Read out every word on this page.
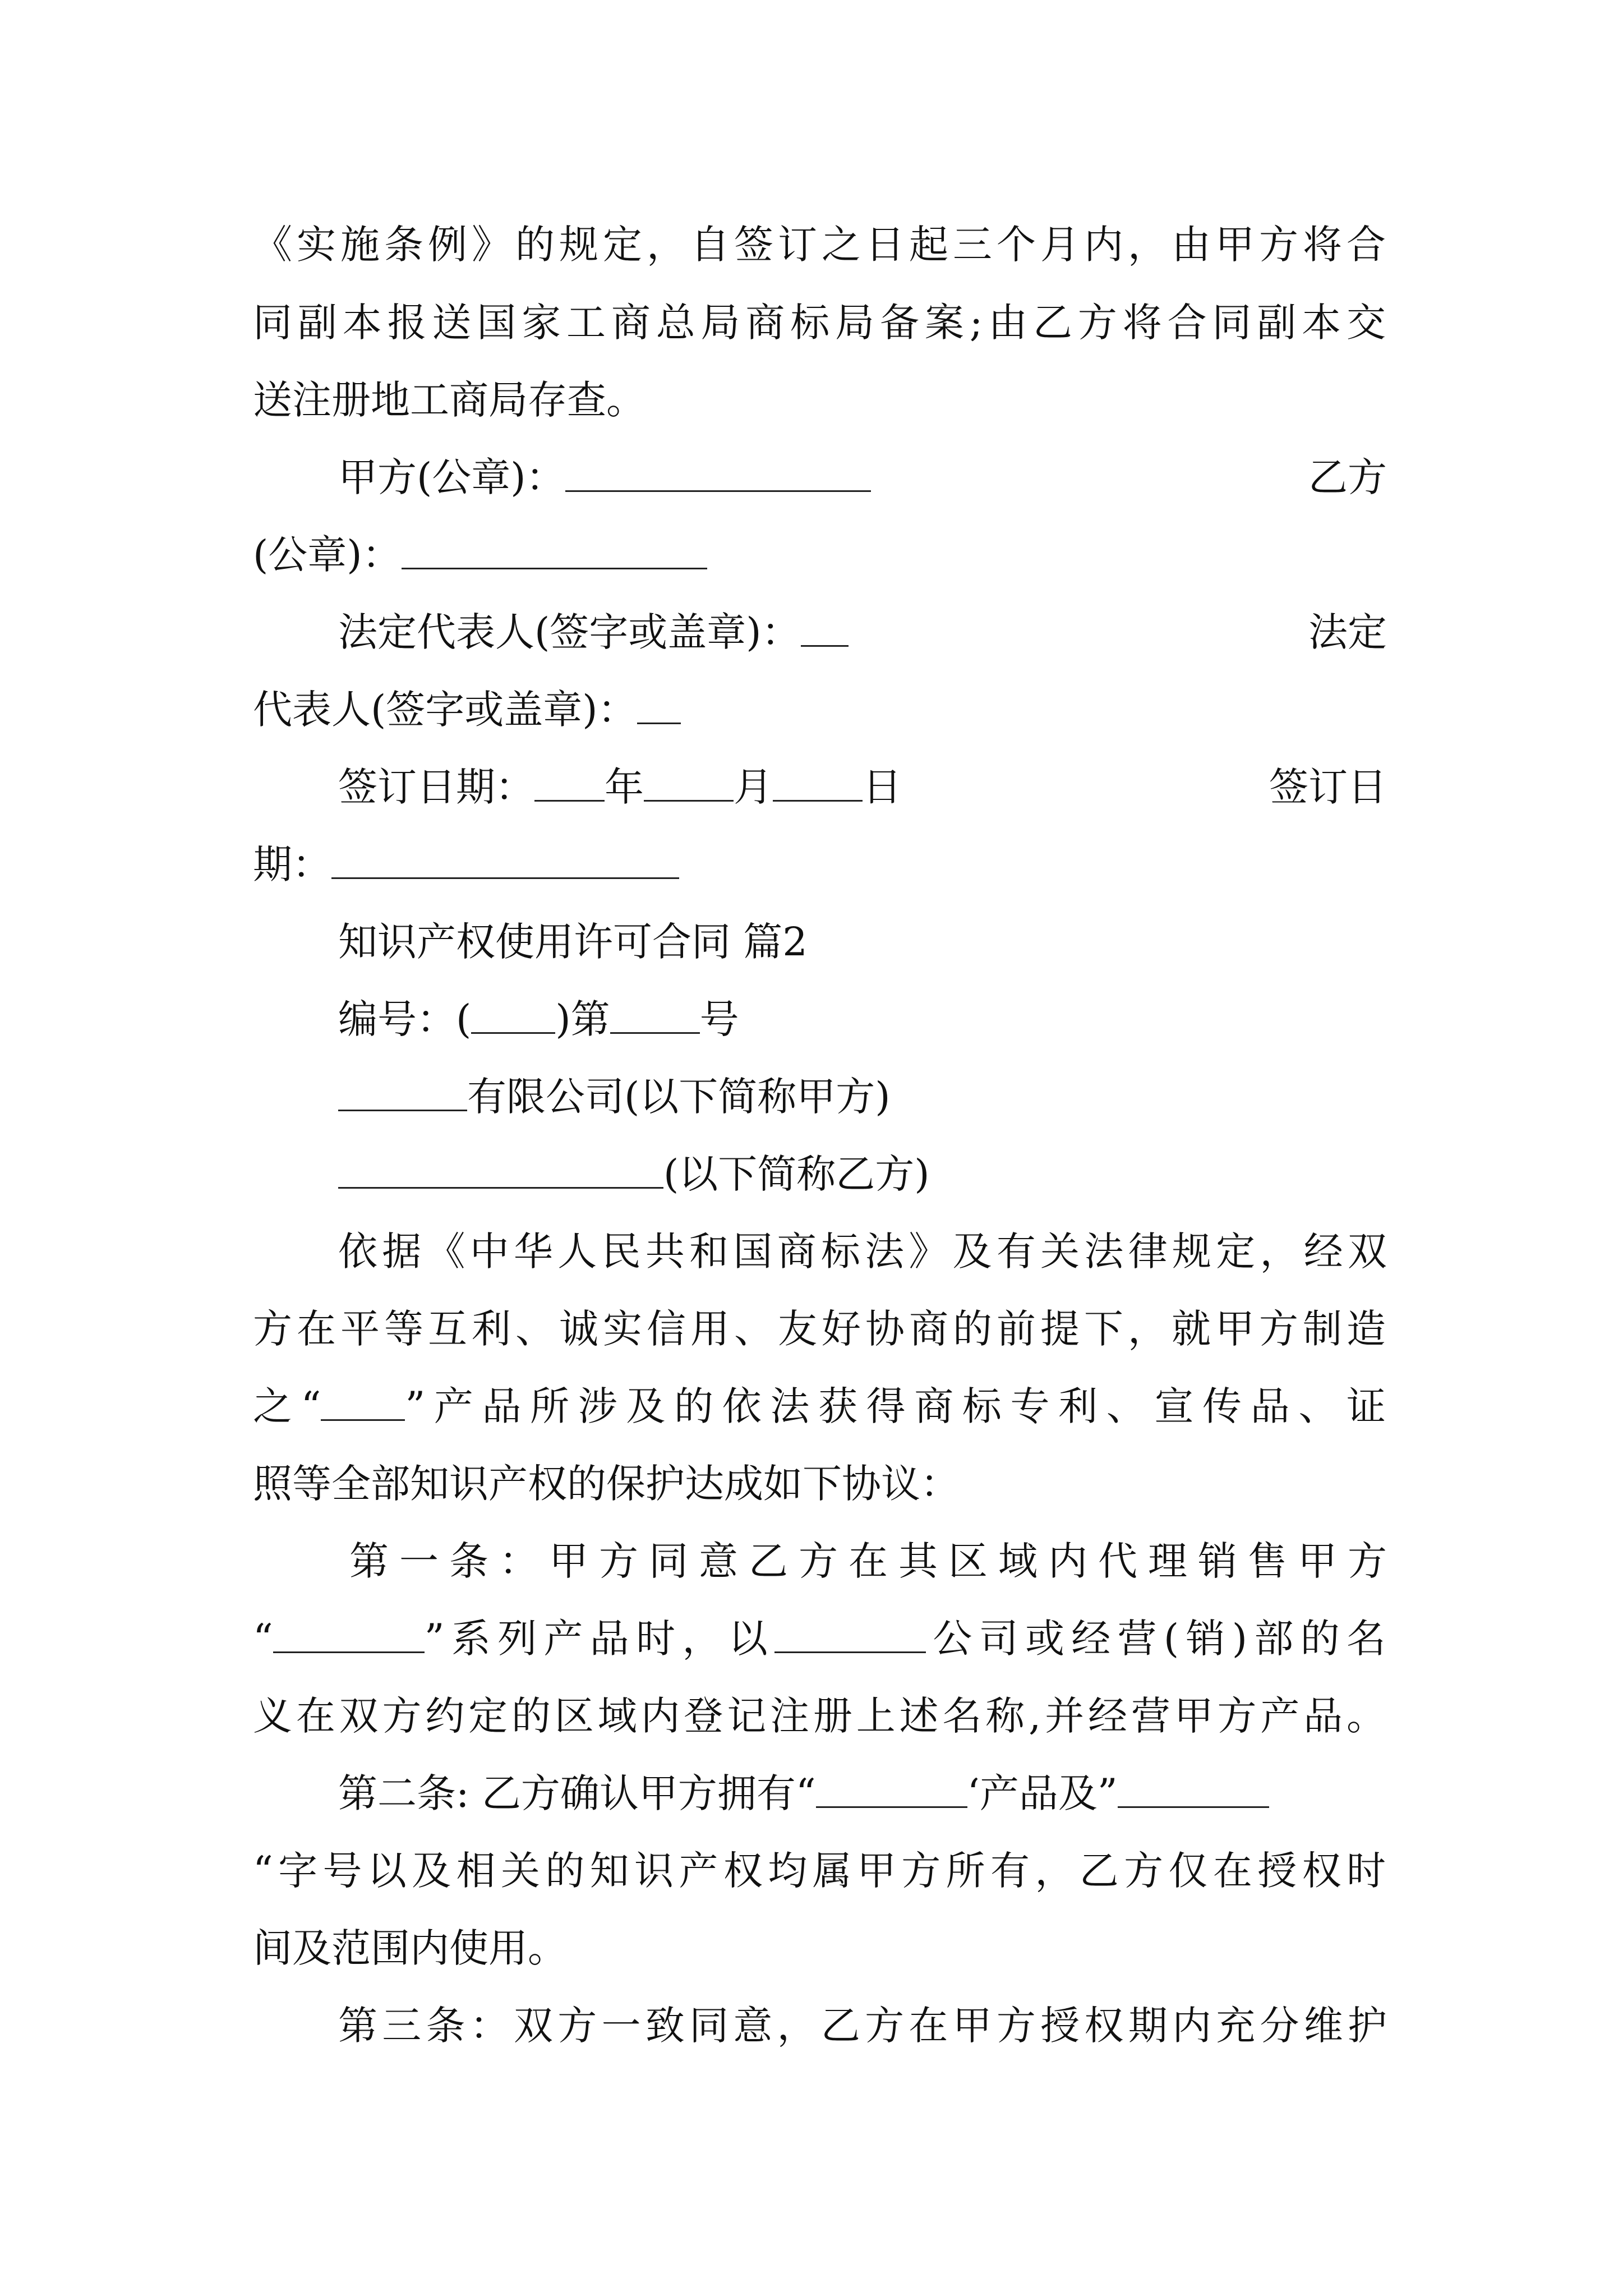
《实施条例》的规定，自签订之日起三个月内，由甲方将合
同副本报送国家工商总局商标局备案;由乙方将合同副本交
送注册地工商局存查。
甲方(公章)：	乙方
(公章)：
法定代表人(签字或盖章)：	法定
代表人(签字或盖章)：
签订日期： 年 月 日	签订日
期：
知识产权使用许可合同 篇2
编号：( )第 号
有限公司(以下简称甲方)
(以下简称乙方)
依据《中华人民共和国商标法》及有关法律规定，经双
方在平等互利、诚实信用、友好协商的前提下，就甲方制造
之“ ”产品所涉及的依法获得商标专利、宣传品、证
照等全部知识产权的保护达成如下协议：
第一条：甲方同意乙方在其区域内代理销售甲方
“	”系列产品时，以	公司或经营(销)部的名
义在双方约定的区域内登记注册上述名称,并经营甲方产品。
第二条: 乙方确认甲方拥有“	‘产品及”
“字号以及相关的知识产权均属甲方所有，乙方仅在授权时
间及范围内使用。
第三条：双方一致同意，乙方在甲方授权期内充分维护
